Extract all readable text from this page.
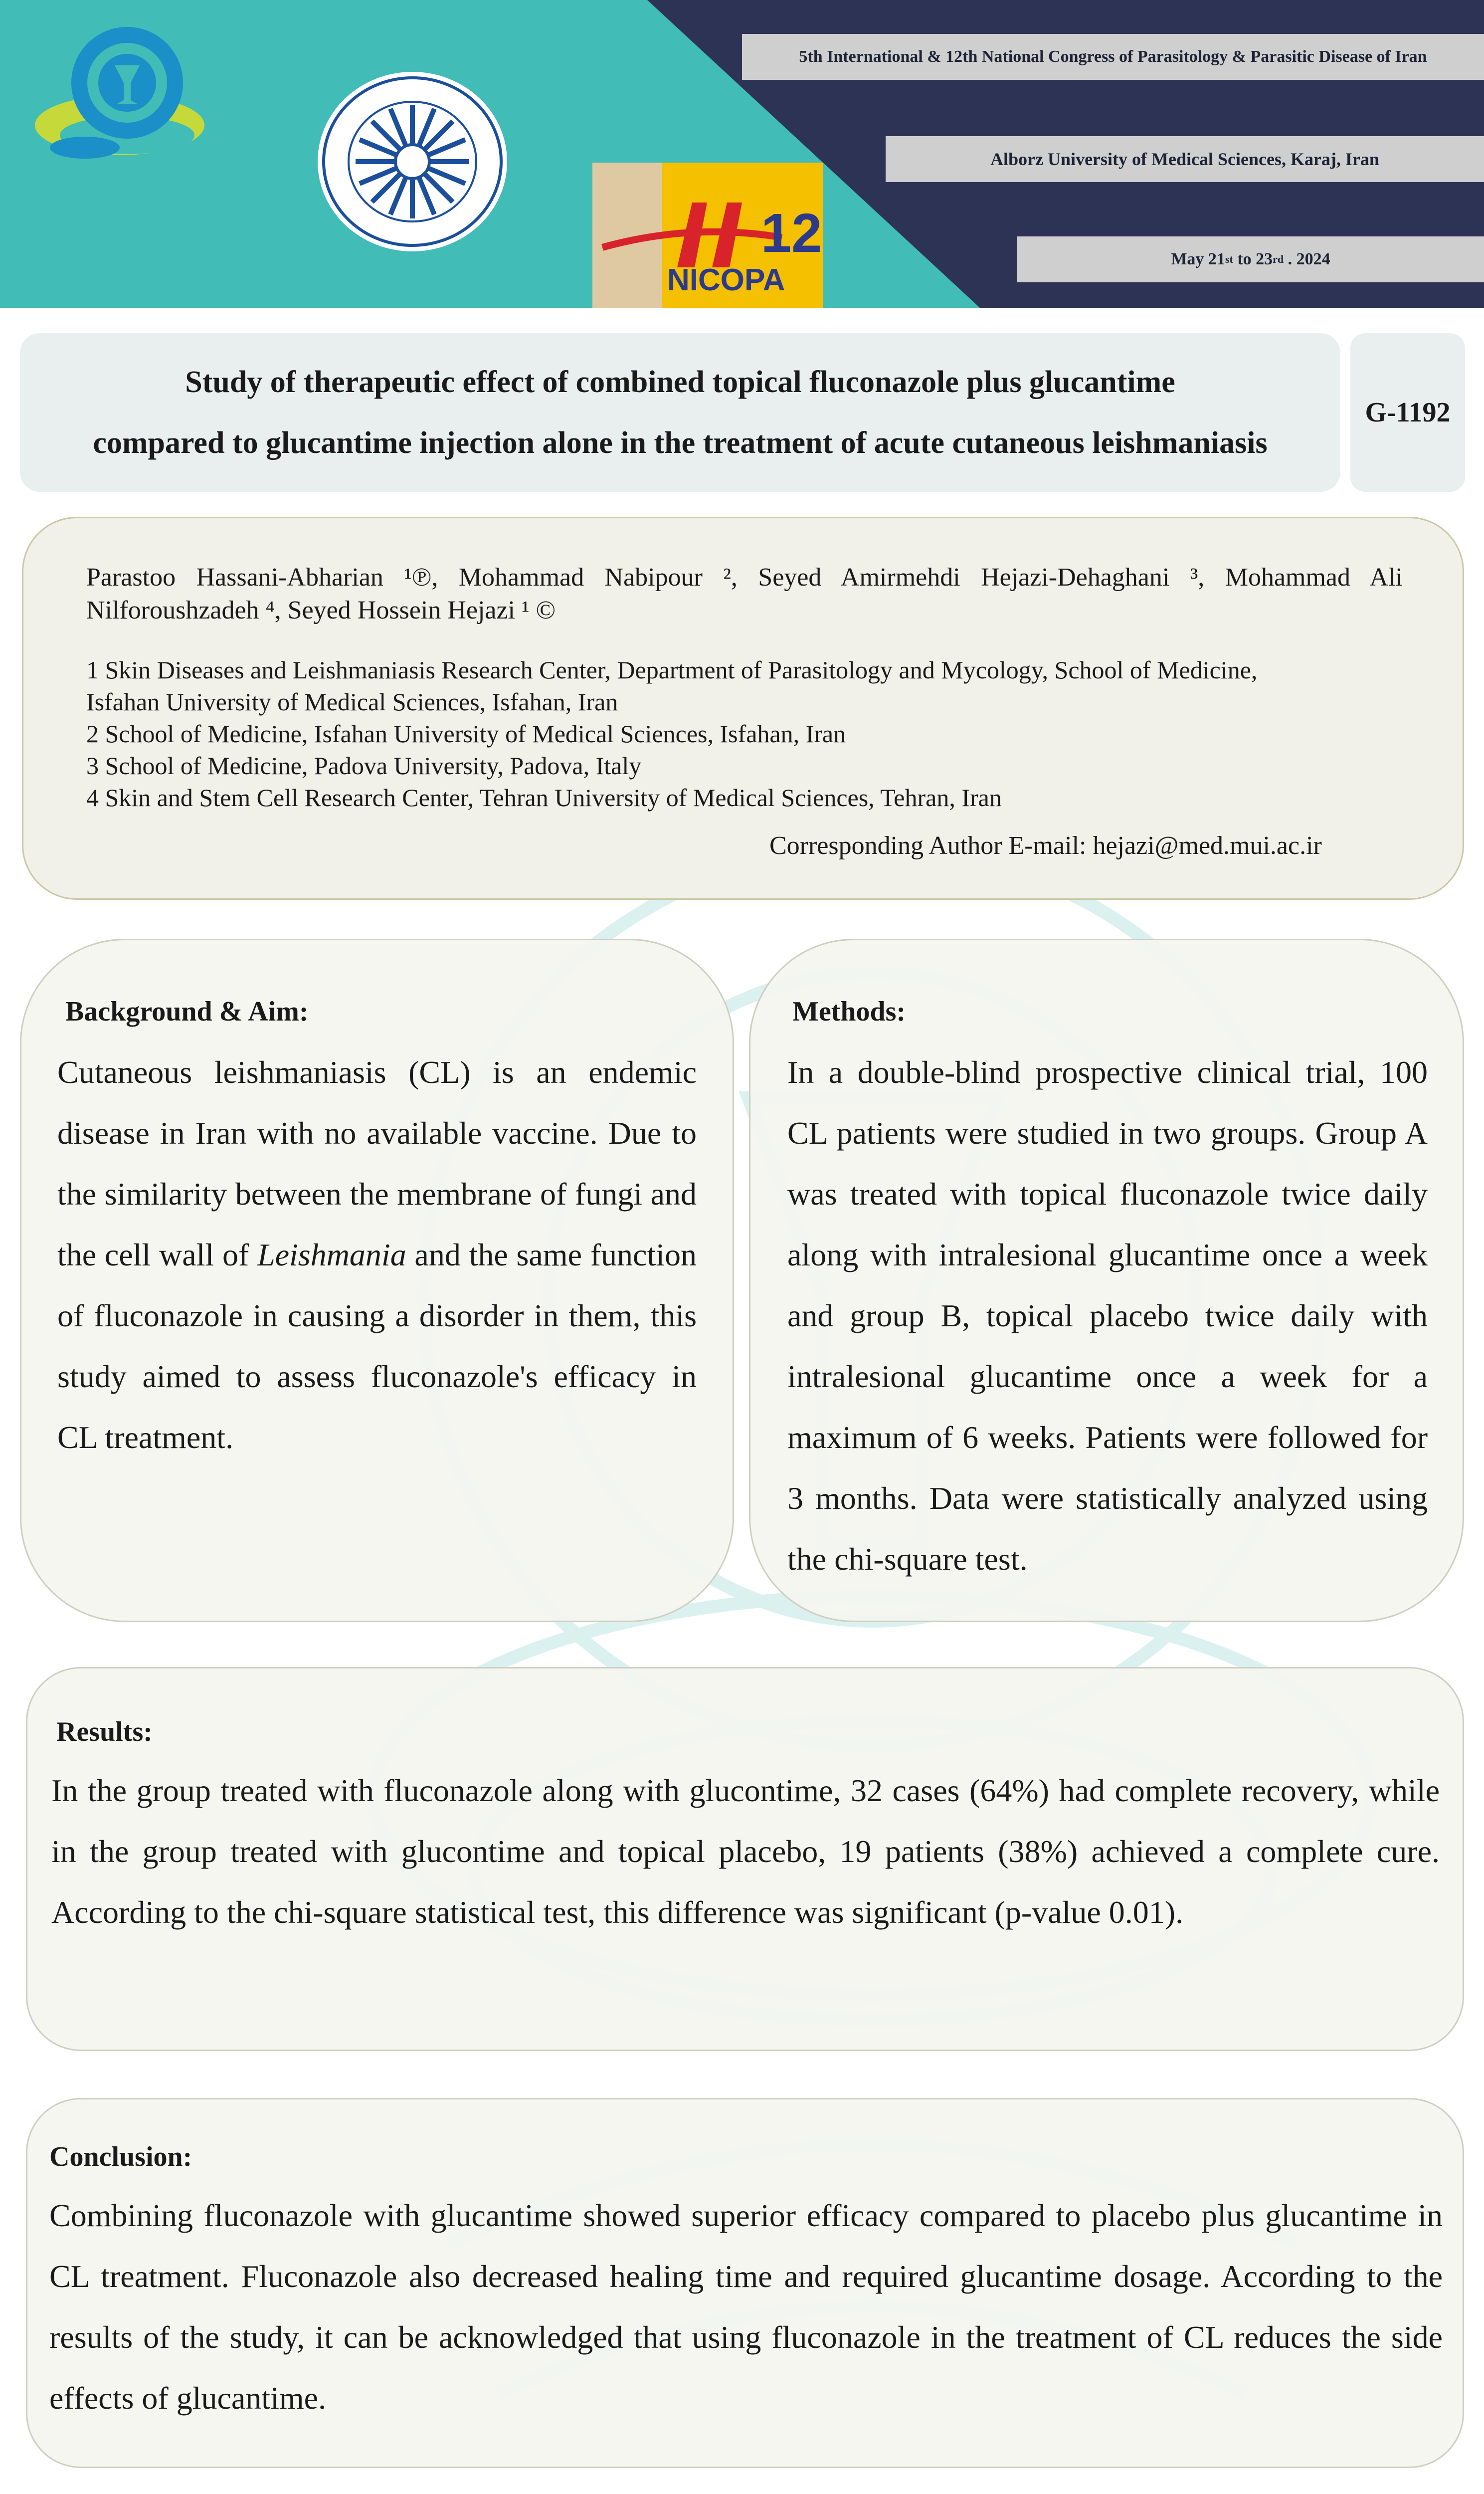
12
NICOPA
5th International & 12th National Congress of Parasitology & Parasitic Disease of Iran
Alborz University of Medical Sciences, Karaj, Iran
May 21 st to 23 rd . 2024
Study of therapeutic effect of combined topical fluconazole plus glucantime
compared to glucantime injection alone in the treatment of acute cutaneous leishmaniasis
G-1192
Parastoo Hassani-Abharian ¹℗, Mohammad Nabipour ², Seyed Amirmehdi Hejazi-Dehaghani ³, Mohammad Ali
Nilforoushzadeh ⁴, Seyed Hossein Hejazi ¹ ©
1 Skin Diseases and Leishmaniasis Research Center, Department of Parasitology and Mycology, School of Medicine,
Isfahan University of Medical Sciences, Isfahan, Iran
2 School of Medicine, Isfahan University of Medical Sciences, Isfahan, Iran
3 School of Medicine, Padova University, Padova, Italy
4 Skin and Stem Cell Research Center, Tehran University of Medical Sciences, Tehran, Iran
Corresponding Author E-mail: hejazi@med.mui.ac.ir
Background & Aim:
Cutaneous leishmaniasis (CL) is an endemic disease in Iran with no available vaccine. Due to the similarity between the membrane of fungi and the cell wall of Leishmania and the same function of fluconazole in causing a disorder in them, this study aimed to assess fluconazole's efficacy in CL treatment.
Methods:
In a double-blind prospective clinical trial, 100 CL patients were studied in two groups. Group A was treated with topical fluconazole twice daily along with intralesional glucantime once a week and group B, topical placebo twice daily with intralesional glucantime once a week for a maximum of 6 weeks. Patients were followed for 3 months. Data were statistically analyzed using the chi-square test.
Results:
In the group treated with fluconazole along with glucontime, 32 cases (64%) had complete recovery, while in the group treated with glucontime and topical placebo, 19 patients (38%) achieved a complete cure. According to the chi-square statistical test, this difference was significant (p-value 0.01).
Conclusion:
Combining fluconazole with glucantime showed superior efficacy compared to placebo plus glucantime in CL treatment. Fluconazole also decreased healing time and required glucantime dosage. According to the results of the study, it can be acknowledged that using fluconazole in the treatment of CL reduces the side effects of glucantime.
